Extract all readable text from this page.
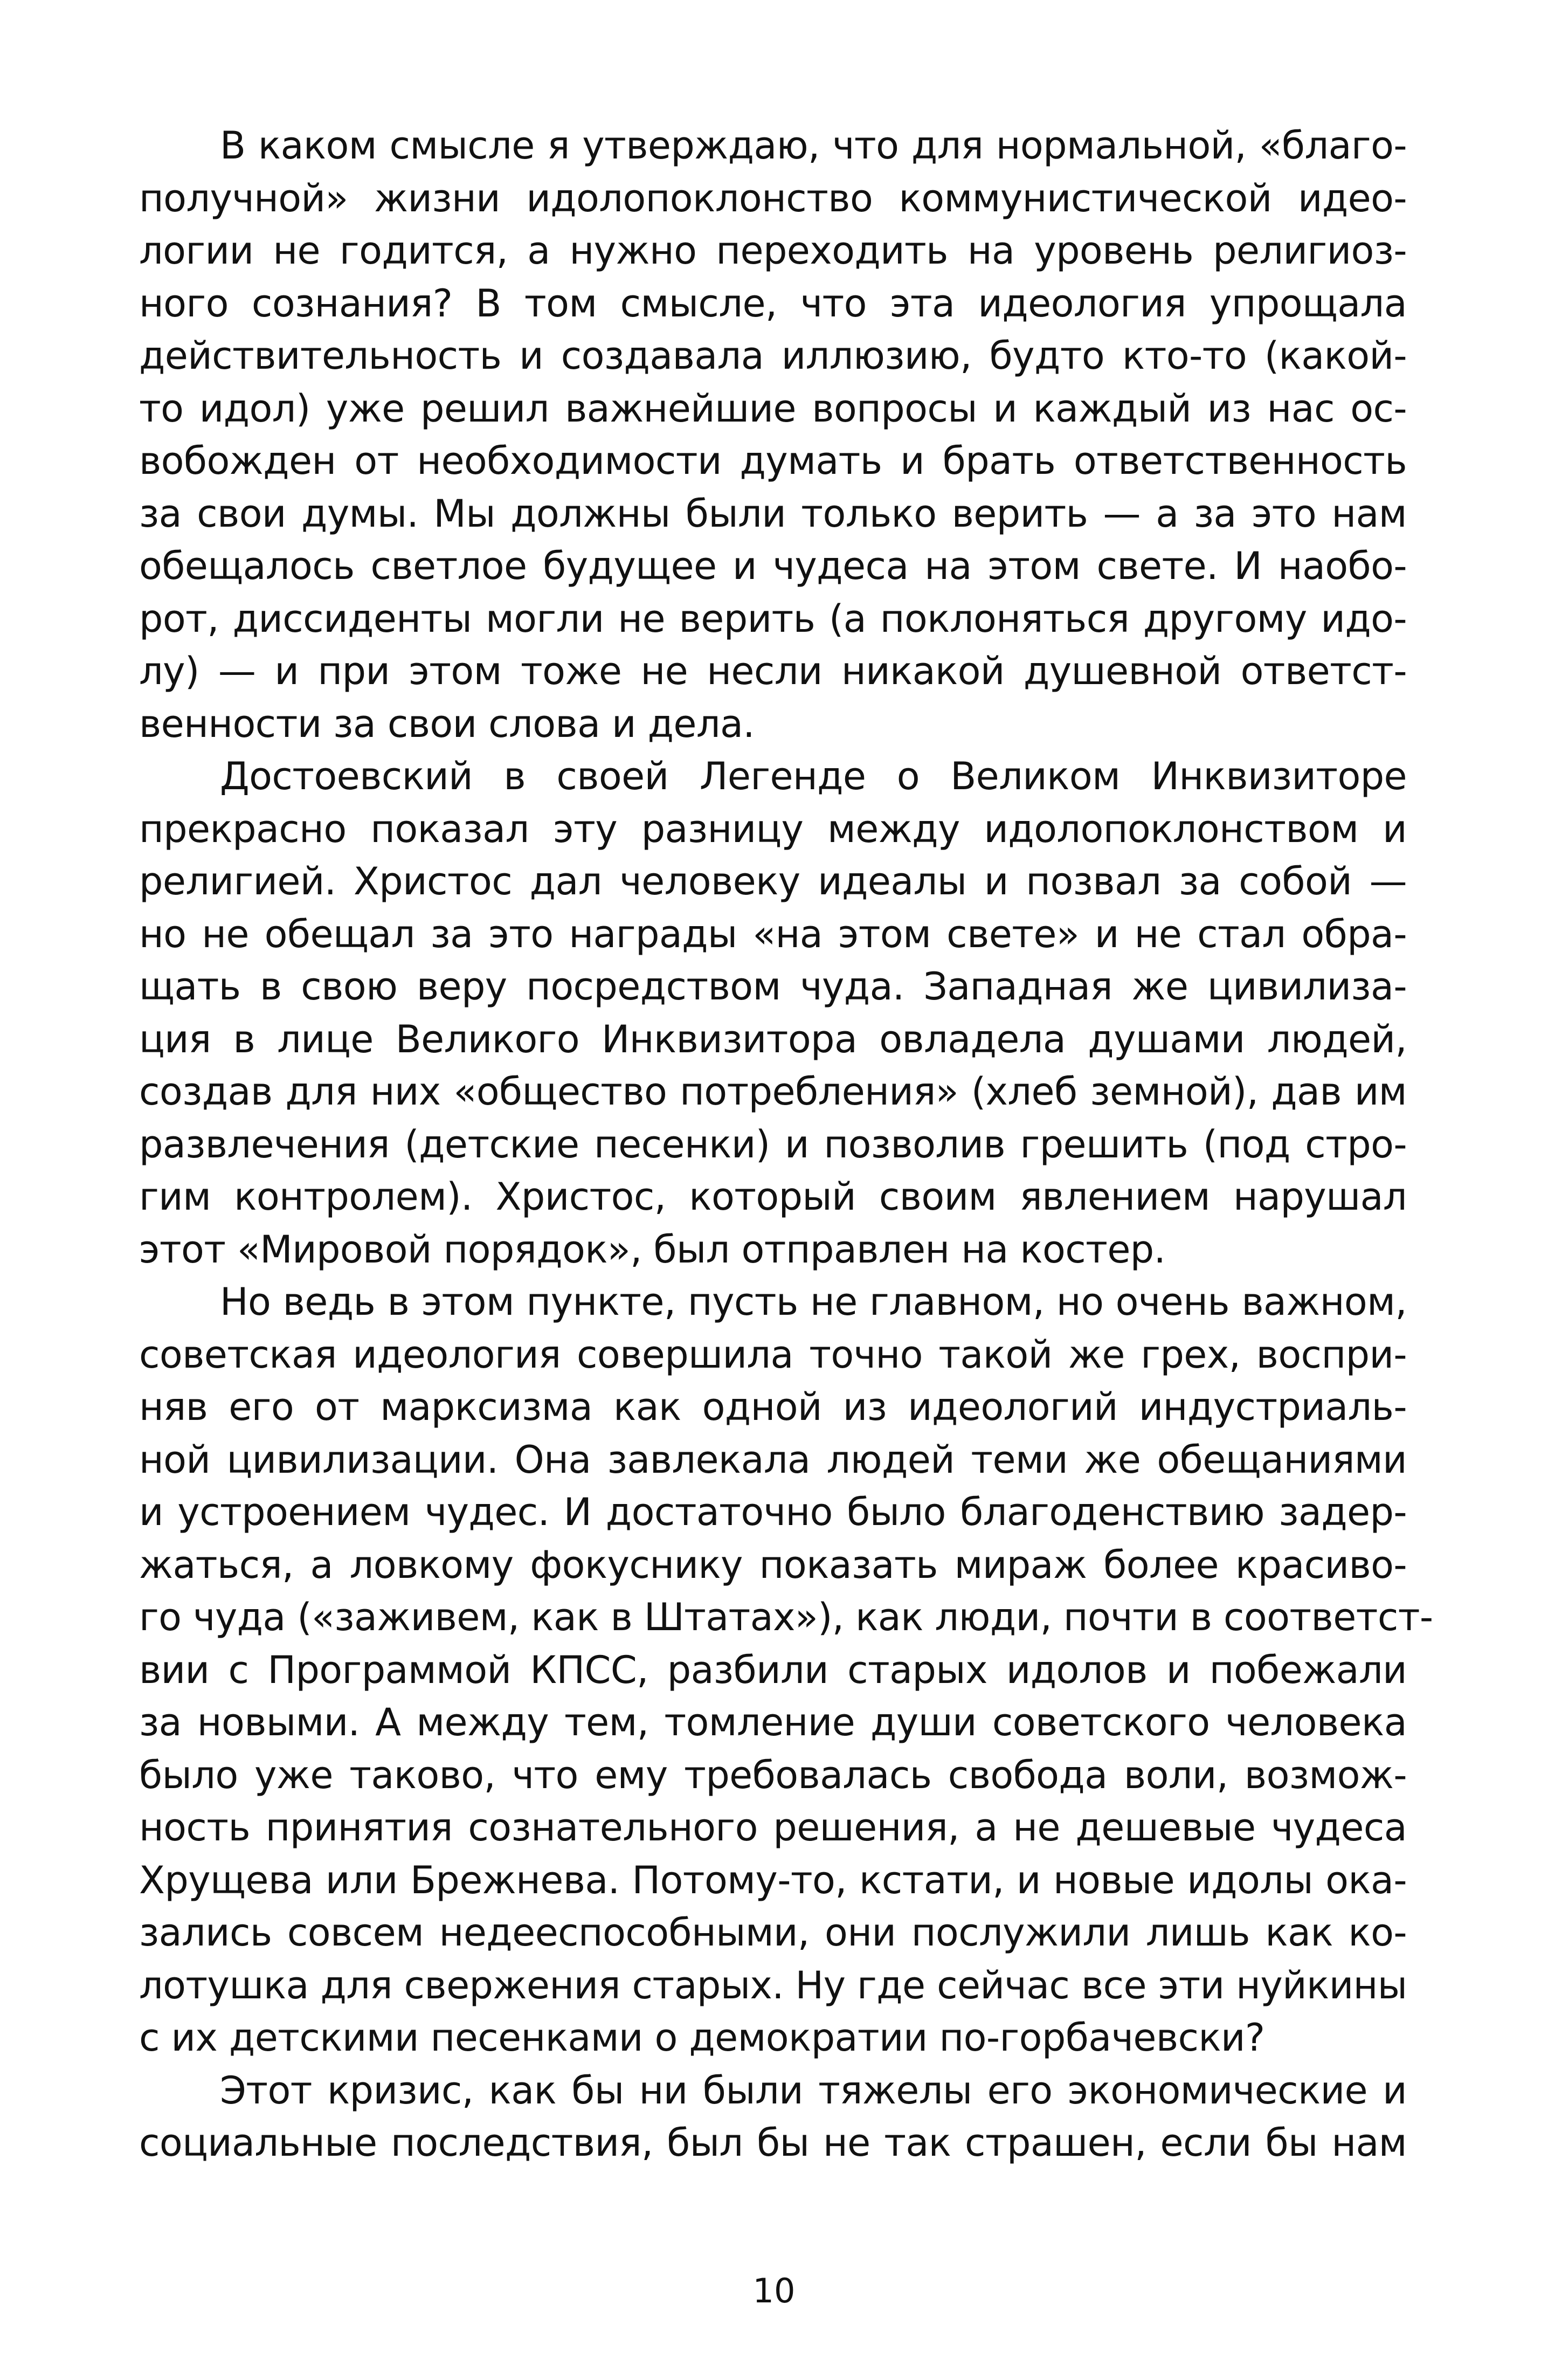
В каком смысле я утверждаю, что для нормальной, «благо-
получной» жизни идолопоклонство коммунистической идео-
логии не годится, а нужно переходить на уровень религиоз-
ного сознания? В том смысле, что эта идеология упрощала
действительность и создавала иллюзию, будто кто-то (какой-
то идол) уже решил важнейшие вопросы и каждый из нас ос-
вобожден от необходимости думать и брать ответственность
за свои думы. Мы должны были только верить — а за это нам
обещалось светлое будущее и чудеса на этом свете. И наобо-
рот, диссиденты могли не верить (а поклоняться другому идо-
лу) — и при этом тоже не несли никакой душевной ответст-
венности за свои слова и дела.
Достоевский в своей Легенде о Великом Инквизиторе
прекрасно показал эту разницу между идолопоклонством и
религией. Христос дал человеку идеалы и позвал за собой —
но не обещал за это награды «на этом свете» и не стал обра-
щать в свою веру посредством чуда. Западная же цивилиза-
ция в лице Великого Инквизитора овладела душами людей,
создав для них «общество потребления» (хлеб земной), дав им
развлечения (детские песенки) и позволив грешить (под стро-
гим контролем). Христос, который своим явлением нарушал
этот «Мировой порядок», был отправлен на костер.
Но ведь в этом пункте, пусть не главном, но очень важном,
советская идеология совершила точно такой же грех, воспри-
няв его от марксизма как одной из идеологий индустриаль-
ной цивилизации. Она завлекала людей теми же обещаниями
и устроением чудес. И достаточно было благоденствию задер-
жаться, а ловкому фокуснику показать мираж более красиво-
го чуда («заживем, как в Штатах»), как люди, почти в соответст-
вии с Программой КПСС, разбили старых идолов и побежали
за новыми. А между тем, томление души советского человека
было уже таково, что ему требовалась свобода воли, возмож-
ность принятия сознательного решения, а не дешевые чудеса
Хрущева или Брежнева. Потому-то, кстати, и новые идолы ока-
зались совсем недееспособными, они послужили лишь как ко-
лотушка для свержения старых. Ну где сейчас все эти нуйкины
с их детскими песенками о демократии по-горбачевски?
Этот кризис, как бы ни были тяжелы его экономические и
социальные последствия, был бы не так страшен, если бы нам
10
